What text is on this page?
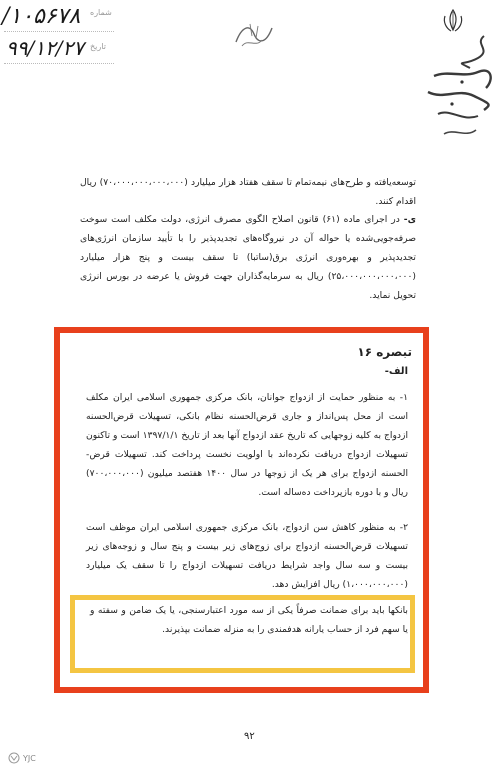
/۱۰۵۶۷۸ شماره
۹۹/۱۲/۲۷ تاریخ
توسعه‌یافته و طرح‌های نیمه‌تمام تا سقف هفتاد هزار میلیارد (۷۰،۰۰۰،۰۰۰،۰۰۰،۰۰۰) ریال اقدام کنند.
ی- در اجرای ماده (۶۱) قانون اصلاح الگوی مصرف انرژی، دولت مکلف است سوخت صرفه‌جویی‌شده یا حواله آن در نیروگاه‌های تجدیدپذیر را با تأیید سازمان انرژی‌های تجدیدپذیر و بهره‌وری انرژی برق(ساتبا) تا سقف بیست و پنج هزار میلیارد (۲۵،۰۰۰،۰۰۰،۰۰۰،۰۰۰) ریال به سرمایه‌گذاران جهت فروش یا عرضه در بورس انرژی تحویل نماید.
تبصره ۱۶
الف-
۱- به منظور حمایت از ازدواج جوانان، بانک مرکزی جمهوری اسلامی ایران مکلف است از محل پس‌انداز و جاری قرض‌الحسنه نظام بانکی، تسهیلات قرض‌الحسنه ازدواج به کلیه زوجهایی که تاریخ عقد ازدواج آنها بعد از تاریخ ۱۳۹۷/۱/۱ است و تاکنون تسهیلات ازدواج دریافت نکرده‌اند با اولویت نخست پرداخت کند. تسهیلات قرض-الحسنه ازدواج برای هر یک از زوجها در سال ۱۴۰۰ هفتصد میلیون (۷۰۰،۰۰۰،۰۰۰) ریال و با دوره بازپرداخت ده‌ساله است.
۲- به منظور کاهش سن ازدواج، بانک مرکزی جمهوری اسلامی ایران موظف است تسهیلات قرض‌الحسنه ازدواج برای زوج‌های زیر بیست و پنج سال و زوجه‌های زیر بیست و سه سال واجد شرایط دریافت تسهیلات ازدواج را تا سقف یک میلیارد (۱،۰۰۰،۰۰۰،۰۰۰) ریال افزایش دهد.
بانکها باید برای ضمانت صرفاً یکی از سه مورد اعتبارسنجی، یا یک ضامن و سفته و یا سهم فرد از حساب یارانه هدفمندی را به منزله ضمانت بپذیرند.
۹۲
YJC
